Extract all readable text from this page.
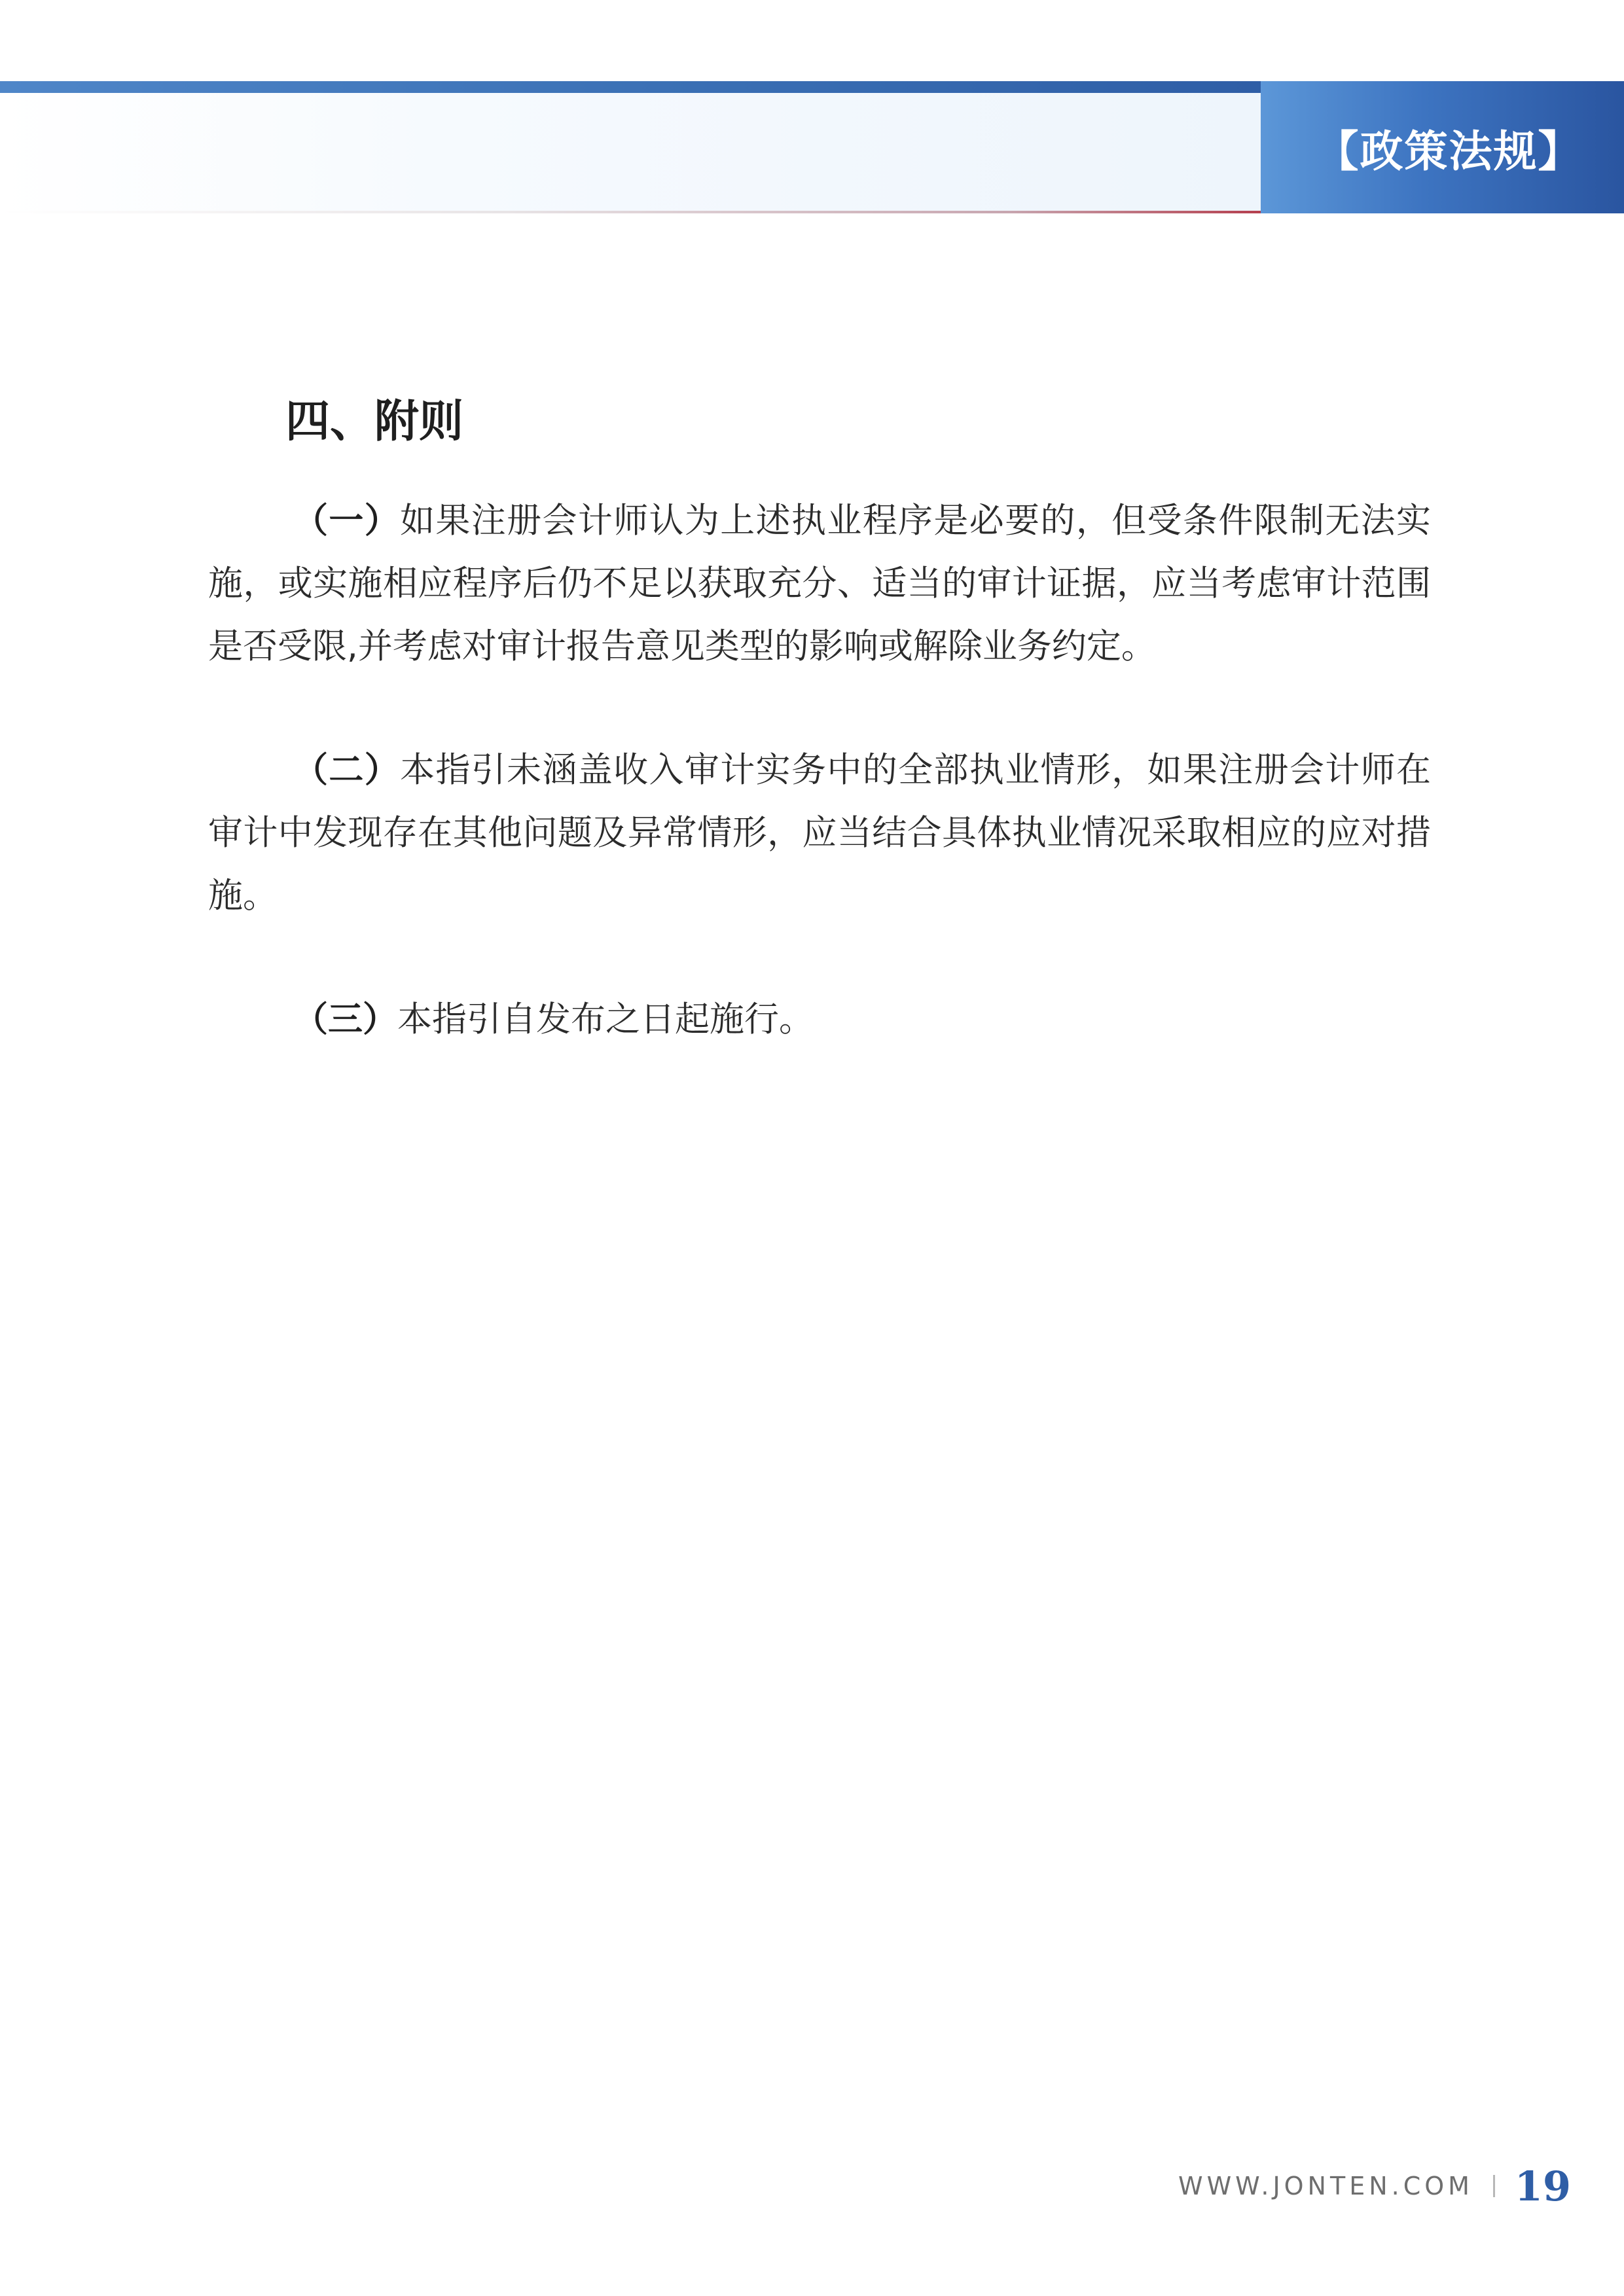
【政策法规】
四、附则

（一）如果注册会计师认为上述执业程序是必要的，但受条件限制无法实施，或实施相应程序后仍不足以获取充分、适当的审计证据，应当考虑审计范围是否受限,并考虑对审计报告意见类型的影响或解除业务约定。

（二）本指引未涵盖收入审计实务中的全部执业情形，如果注册会计师在审计中发现存在其他问题及异常情形，应当结合具体执业情况采取相应的应对措施。

（三）本指引自发布之日起施行。

WWW.JONTEN.COM 19
